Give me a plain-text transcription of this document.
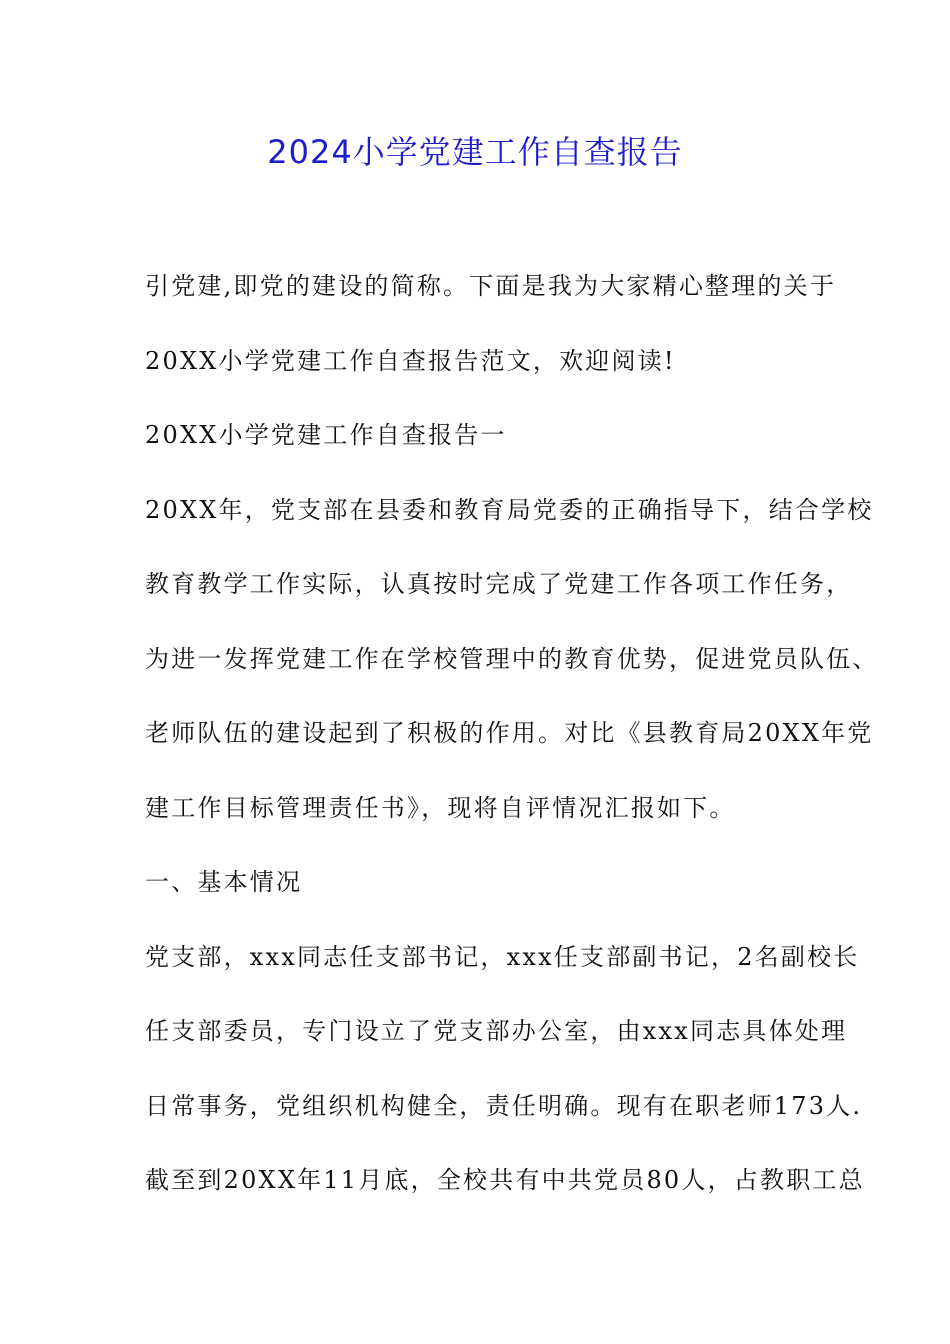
2024小学党建工作自查报告
引党建,即党的建设的简称。下面是我为大家精心整理的关于
20XX小学党建工作自查报告范文，欢迎阅读!
20XX小学党建工作自查报告一
20XX年，党支部在县委和教育局党委的正确指导下，结合学校
教育教学工作实际，认真按时完成了党建工作各项工作任务，
为进一发挥党建工作在学校管理中的教育优势，促进党员队伍、
老师队伍的建设起到了积极的作用。对比《县教育局20XX年党
建工作目标管理责任书》，现将自评情况汇报如下。
一、基本情况
党支部，xxx同志任支部书记，xxx任支部副书记，2名副校长
任支部委员，专门设立了党支部办公室，由xxx同志具体处理
日常事务，党组织机构健全，责任明确。现有在职老师173人.
截至到20XX年11月底，全校共有中共党员80人，占教职工总
